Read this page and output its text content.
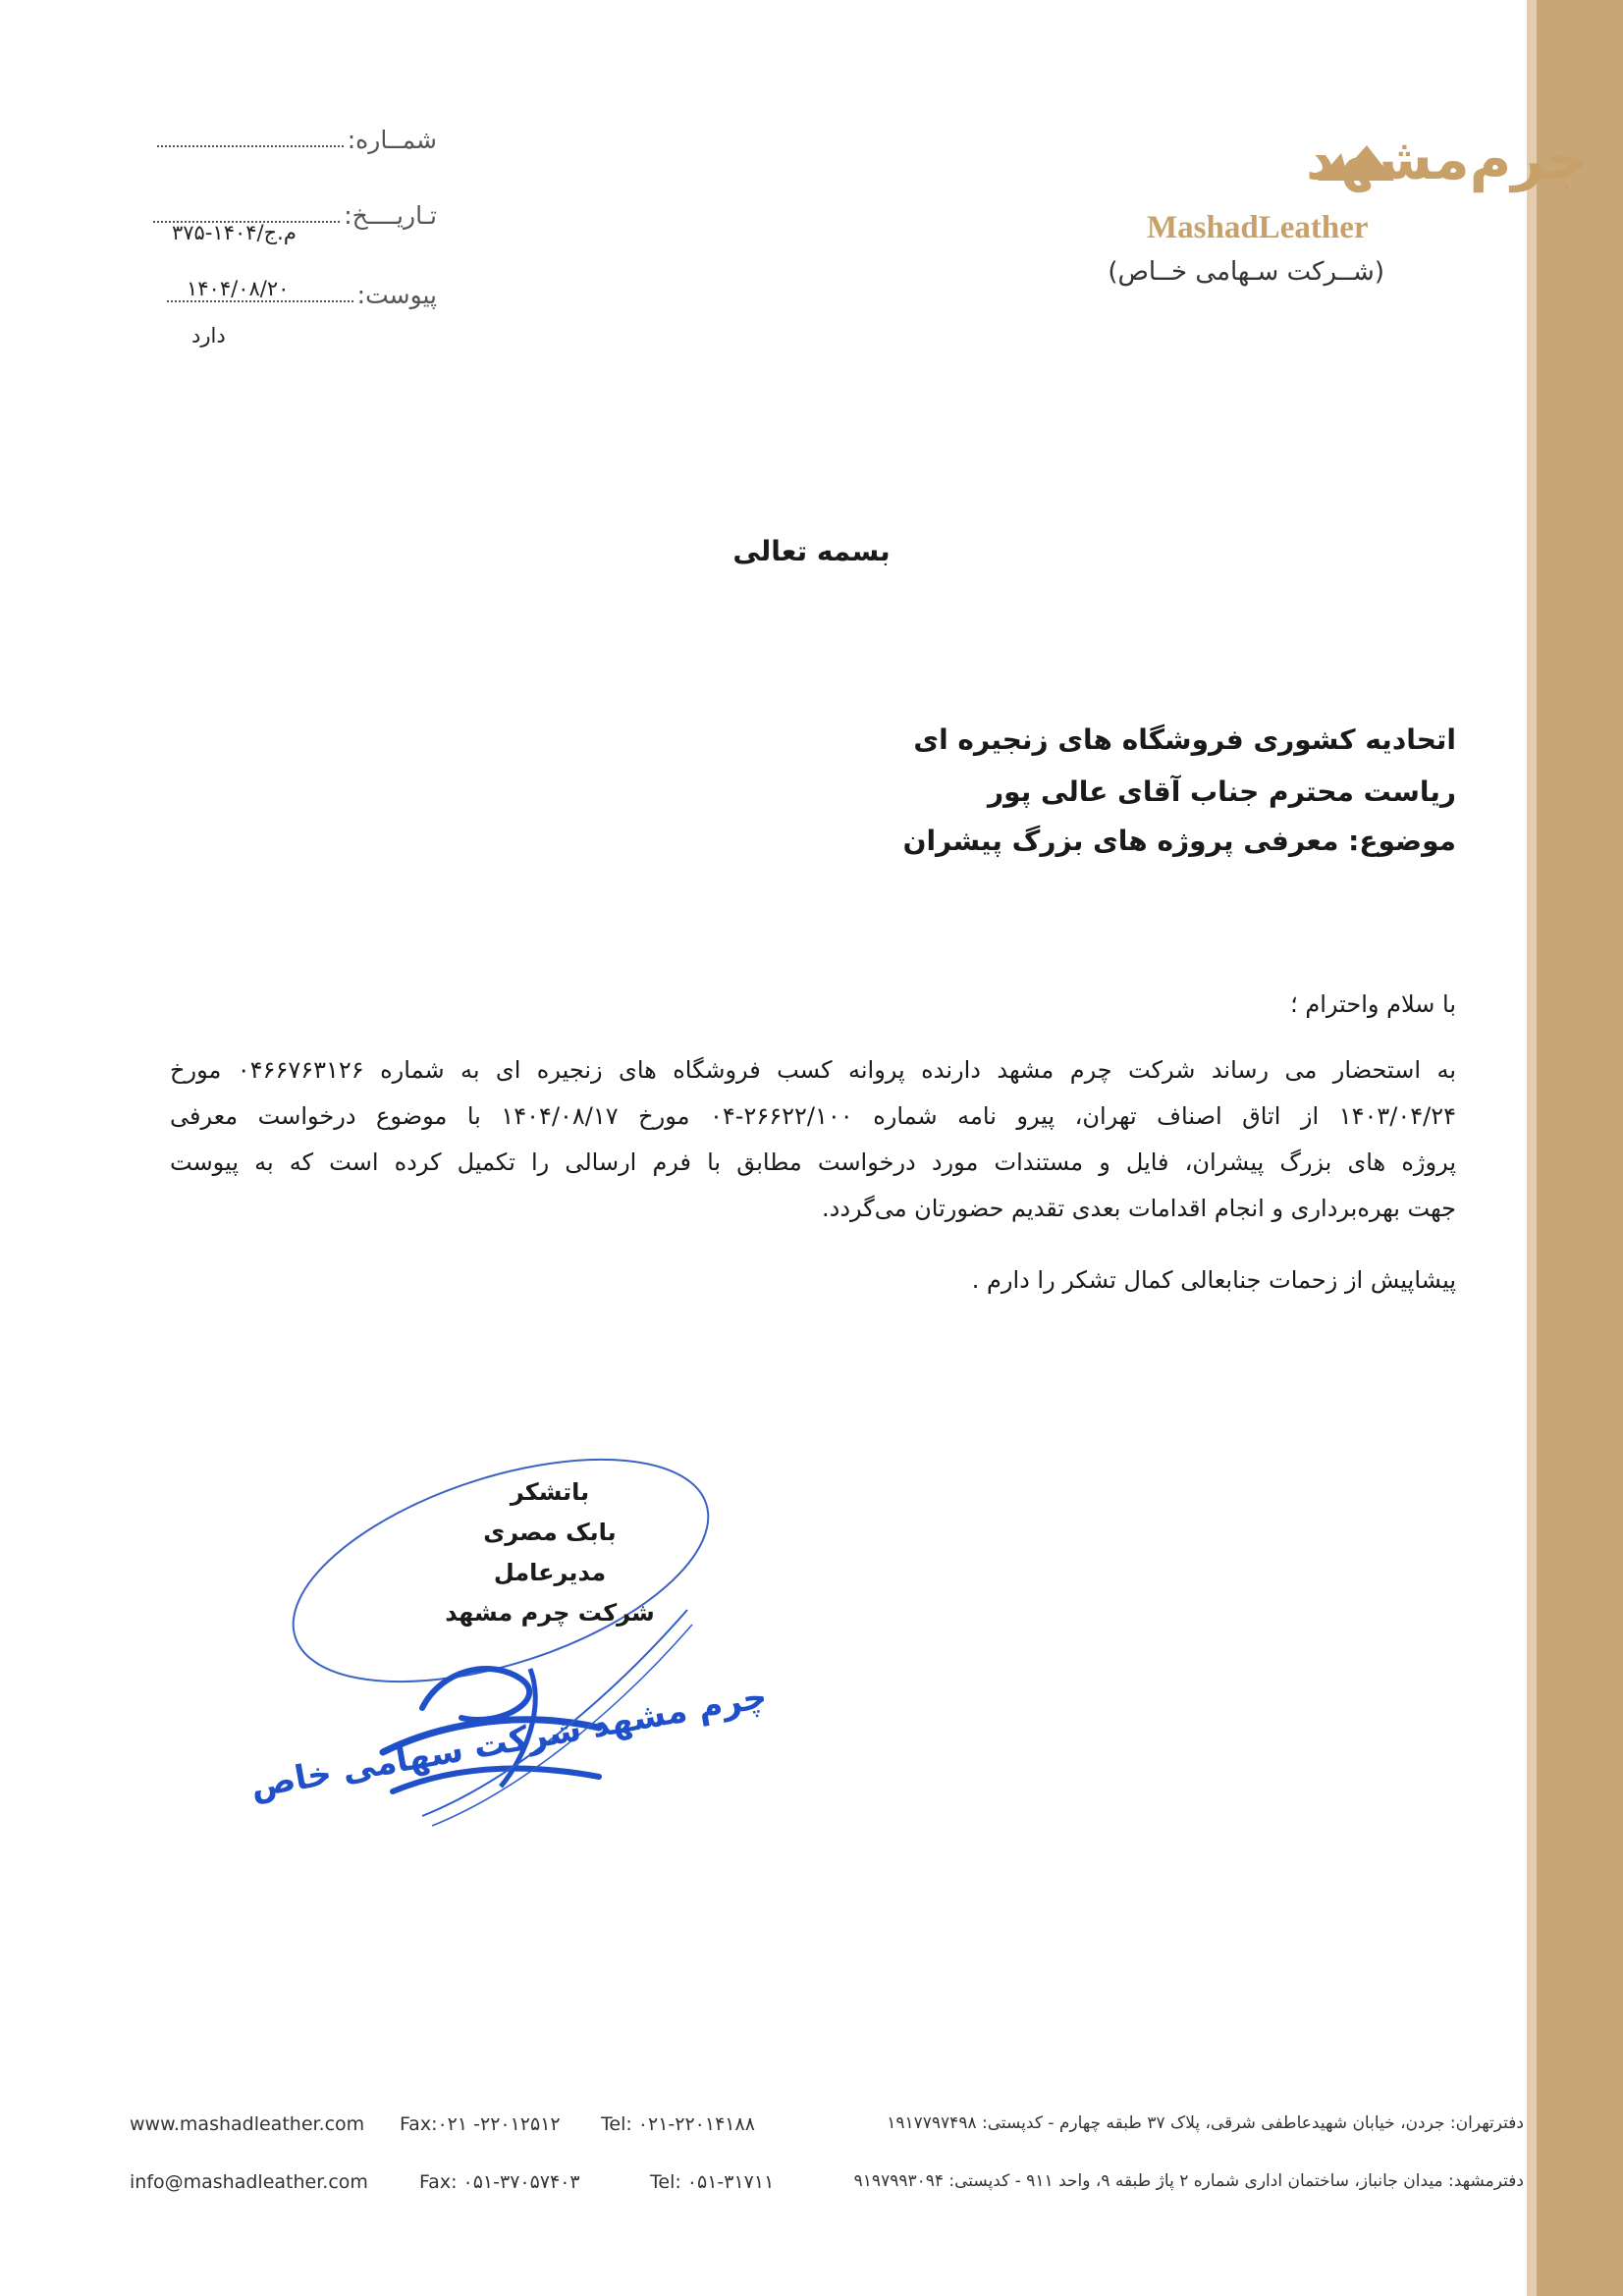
جرم‌مشهد
MashadLeather
(شــرکت سـهامی خــاص)
شمــاره:
تـاریــــخ:
م.ج/۱۴۰۴-۳۷۵
پیوست:
۱۴۰۴/۰۸/۲۰
دارد
بسمه تعالی
اتحادیه کشوری فروشگاه های زنجیره ای
ریاست محترم جناب آقای عالی پور
موضوع: معرفی پروژه های بزرگ پیشران
با سلام واحترام ؛
به استحضار می رساند شرکت چرم مشهد دارنده پروانه کسب فروشگاه های زنجیره ای به شماره ۰۴۶۶۷۶۳۱۲۶ مورخ
۱۴۰۳/۰۴/۲۴ از اتاق اصناف تهران، پیرو نامه شماره ۲۶۶۲۲/۱۰۰-۰۴ مورخ ۱۴۰۴/۰۸/۱۷ با موضوع درخواست معرفی
پروژه های بزرگ پیشران، فایل و مستندات مورد درخواست مطابق با فرم ارسالی را تکمیل کرده است که به پیوست
جهت بهره‌برداری و انجام اقدامات بعدی تقدیم حضورتان می‌گردد.
پیشاپیش از زحمات جنابعالی کمال تشکر را دارم .
چرم مشهد شرکت سهامی خاص
باتشکر
بابک مصری
مدیرعامل
شرکت چرم مشهد
www.mashadleather.com Fax:۰۲۱ -۲۲۰۱۲۵۱۲ Tel: ۰۲۱-۲۲۰۱۴۱۸۸	دفترتهران: جردن، خیابان شهیدعاطفی شرقی، پلاک ۳۷ طبقه چهارم - کدپستی: ۱۹۱۷۷۹۷۴۹۸
info@mashadleather.com	Fax: ۰۵۱-۳۷۰۵۷۴۰۳	Tel: ۰۵۱-۳۱۷۱۱	دفترمشهد: میدان جانباز، ساختمان اداری شماره ۲ پاژ طبقه ۹، واحد ۹۱۱ - کدپستی: ۹۱۹۷۹۹۳۰۹۴
